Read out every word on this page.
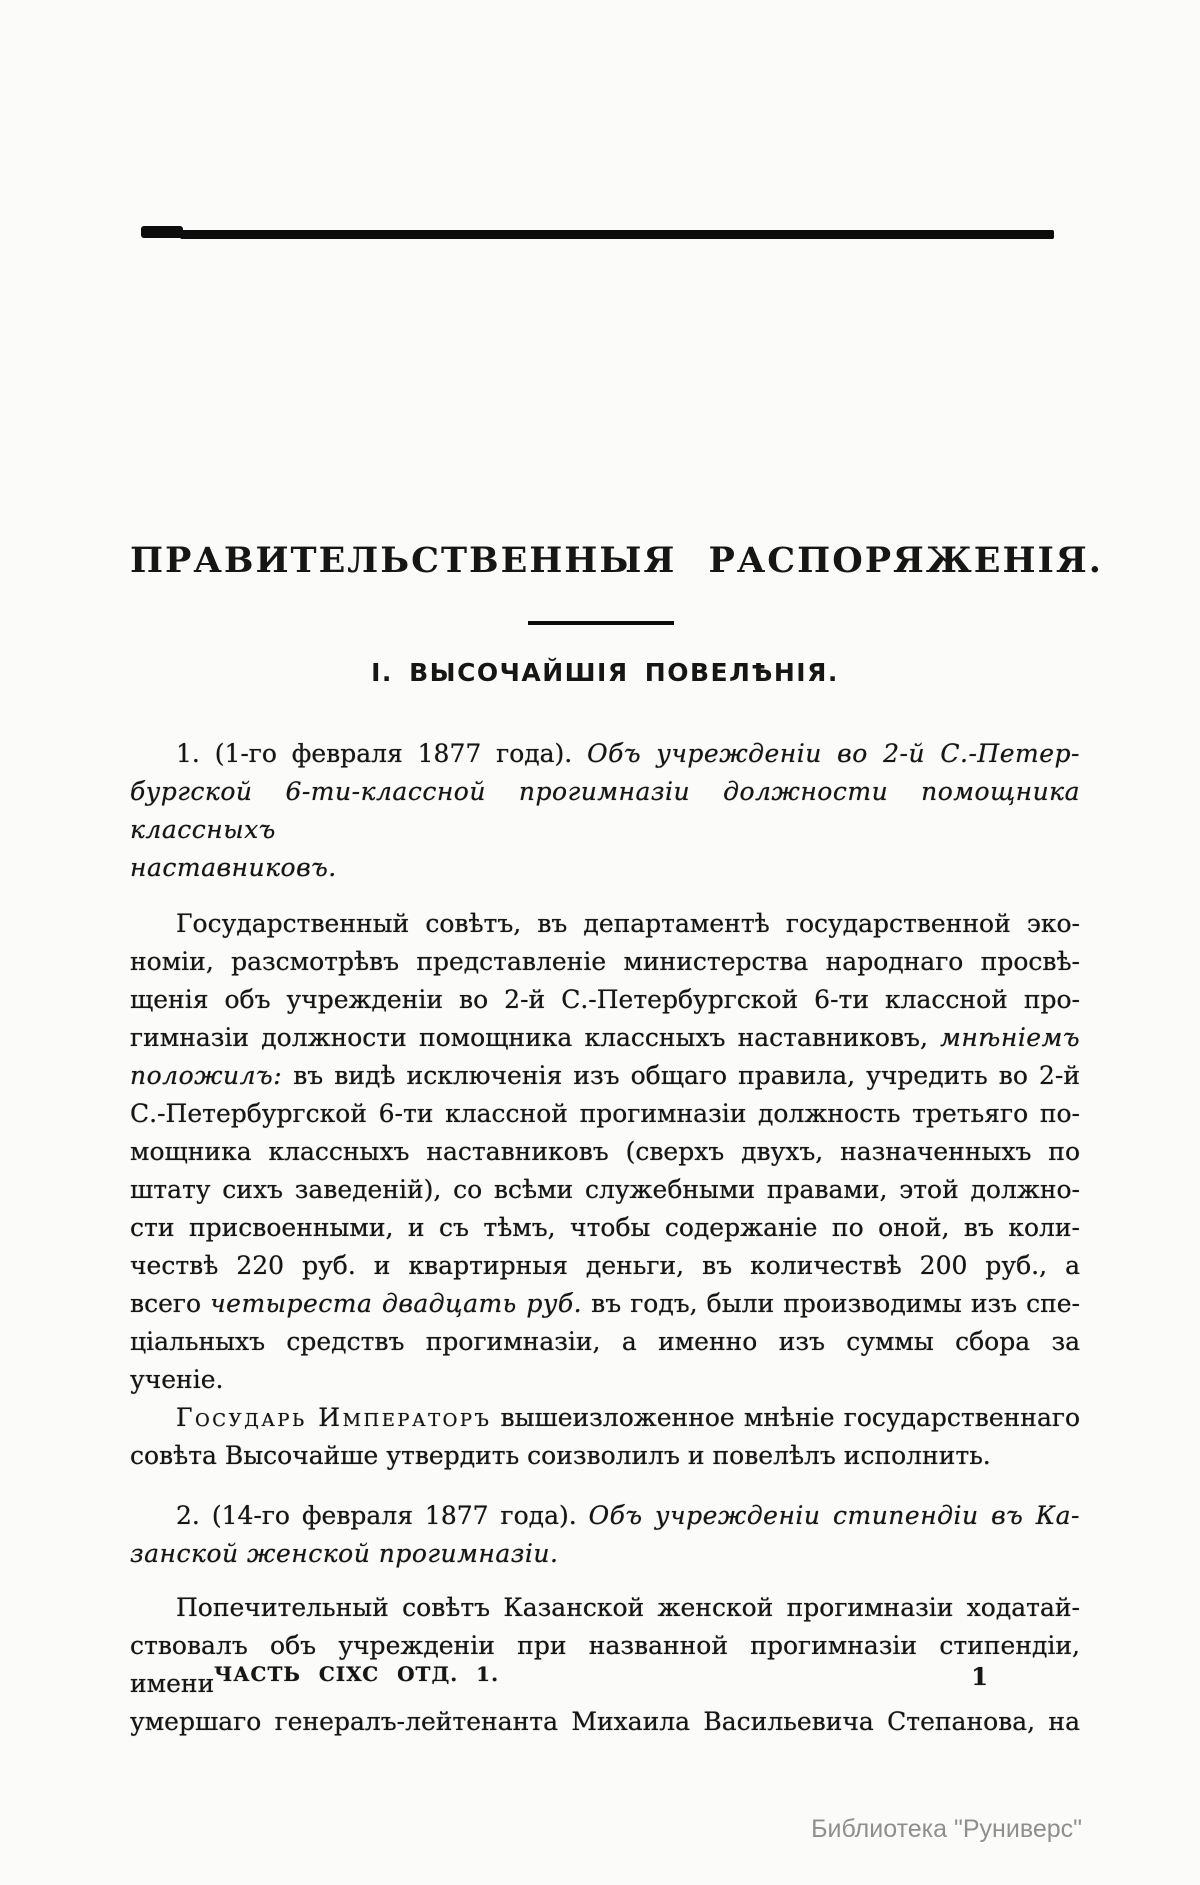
ПРАВИТЕЛЬСТВЕННЫЯ РАСПОРЯЖЕНІЯ.
І. ВЫСОЧАЙШІЯ ПОВЕЛѢНІЯ.
1. (1-го февраля 1877 года). Объ учрежденіи во 2-й С.-Петер-
бургской 6-ти-классной прогимназіи должности помощника классныхъ
наставниковъ.
Государственный совѣтъ, въ департаментѣ государственной эко-
номіи, разсмотрѣвъ представленіе министерства народнаго просвѣ-
щенія объ учрежденіи во 2-й С.-Петербургской 6-ти классной про-
гимназіи должности помощника классныхъ наставниковъ, мнѣніемъ
положилъ: въ видѣ исключенія изъ общаго правила, учредить во 2-й
С.-Петербургской 6-ти классной прогимназіи должность третьяго по-
мощника классныхъ наставниковъ (сверхъ двухъ, назначенныхъ по
штату сихъ заведеній), со всѣми служебными правами, этой должно-
сти присвоенными, и съ тѣмъ, чтобы содержаніе по оной, въ коли-
чествѣ 220 руб. и квартирныя деньги, въ количествѣ 200 руб., а
всего четыреста двадцать руб. въ годъ, были производимы изъ спе-
ціальныхъ средствъ прогимназіи, а именно изъ суммы сбора за
ученіе.
Государь Императоръ вышеизложенное мнѣніе государственнаго
совѣта Высочайше утвердить соизволилъ и повелѣлъ исполнить.
2. (14-го февраля 1877 года). Объ учрежденіи стипендіи въ Ка-
занской женской прогимназіи.
Попечительный совѣтъ Казанской женской прогимназіи ходатай-
ствовалъ объ учрежденіи при названной прогимназіи стипендіи, имени
умершаго генералъ-лейтенанта Михаила Васильевича Степанова, на
ЧАСТЬ CIXC ОТД. 1.	1
Библиотека "Руниверс"
